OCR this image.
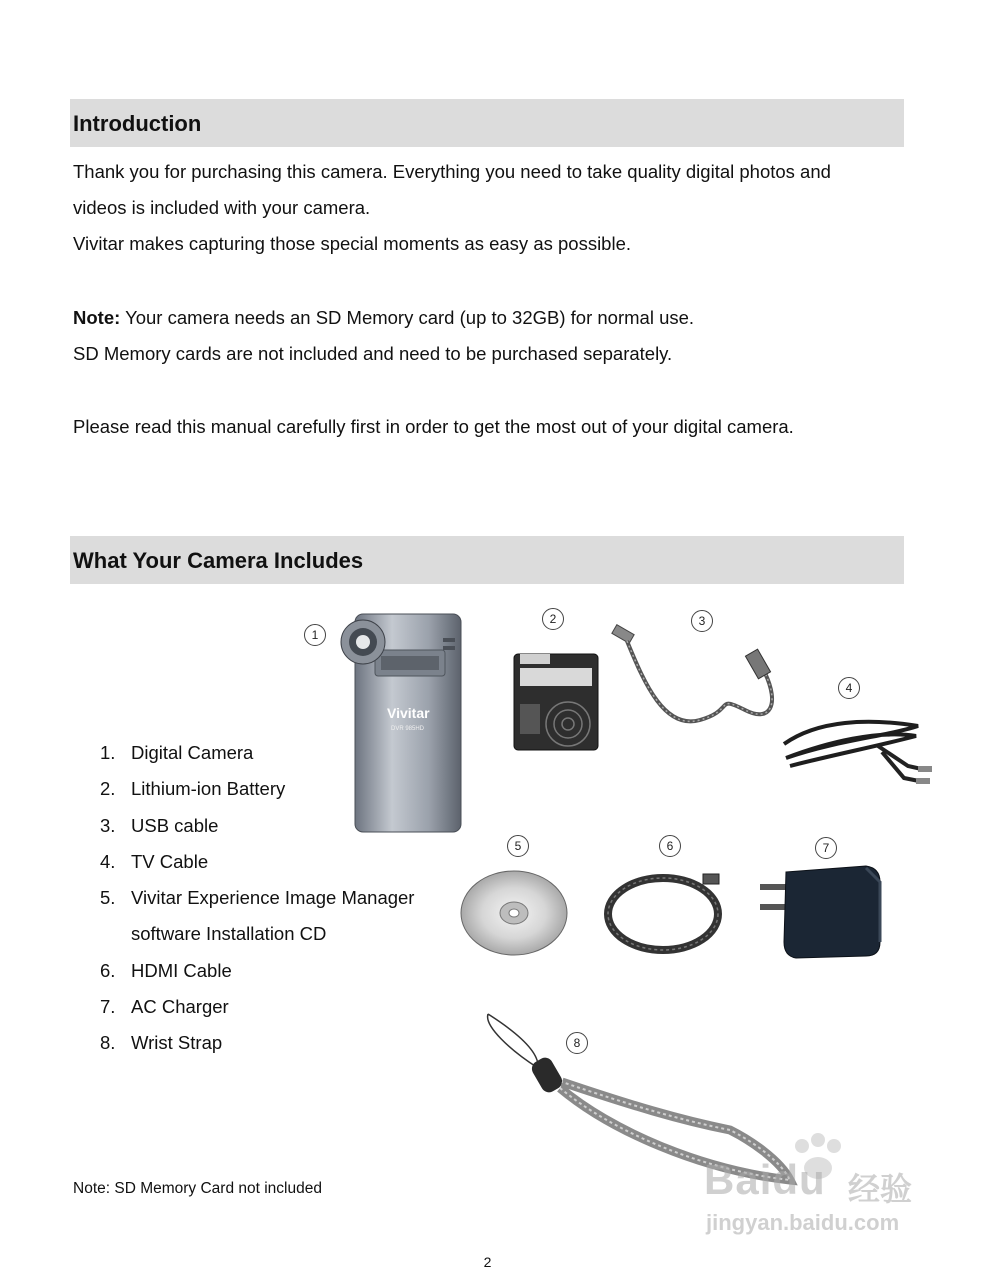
Introduction
Thank you for purchasing this camera. Everything you need to take quality digital photos and
videos is included with your camera.
Vivitar makes capturing those special moments as easy as possible.
Note: Your camera needs an SD Memory card (up to 32GB) for normal use.
SD Memory cards are not included and need to be purchased separately.
Please read this manual carefully first in order to get the most out of your digital camera.
What Your Camera Includes
1. Digital Camera
2. Lithium-ion Battery
3. USB cable
4. TV Cable
5. Vivitar Experience Image Manager
software Installation CD
6. HDMI Cable
7. AC Charger
8. Wrist Strap
Vivitar
DVR 985HD
1
2	3
4
5	6	7
8
Note: SD Memory Card not included
2
Baidu 经验
jingyan.baidu.com
